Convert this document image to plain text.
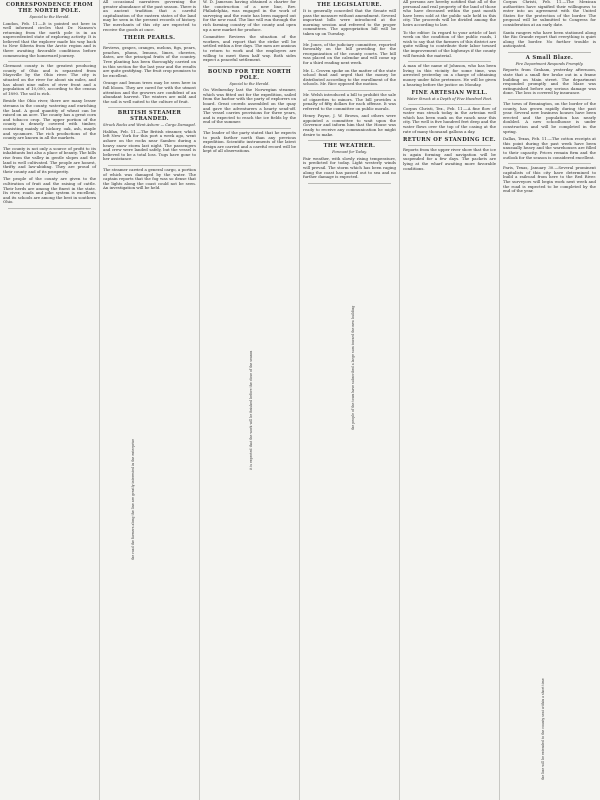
CORRESPONDENCE FROM THE NORTH POLE.
Special to the Herald.
London, Feb. 11.—It is pointed out here in well informed circles that Dr. Nansen's returning from the north pole is in an unprecedented state of exploring activity. It is believed that the explorer made his way back to New Siberia from the Arctic region and is there awaiting favorable conditions before commencing the homeward journey.
Clermont county is the greatest producing county of Ohio and is separated from Maysville by the Ohio river. The city is situated on the river for about six miles, and has about nine miles of river front and a population of 10,000, according to the census of 1890. The soil is rich.
Beside the Ohio river, there are many lesser streams in the county, watering and enriching the land. A good quantity of wheat can be raised on an acre. The county has a great corn and tobacco crop. The upper portion of the county is densely covered with timber, consisting mainly of hickory, oak, ash, maple and sycamore. The rich productions of the county are known in all the markets.
The county is not only a source of profit to its inhabitants but also a place of beauty. The hills rise from the valley in gentle slopes and the land is well cultivated. The people are honest, thrifty and law-abiding. They are proud of their county and of its prosperity.
The people of the county are given to the cultivation of fruit and the raising of cattle. Their herds are among the finest in the state. Its river, roads and pike system is excellent, and its schools are among the best in southern Ohio.
All occasional narratives governing the greater abundance of the past season. There is an ancient tradition that a careful capitalization of the eastern states of the land may be seen in the present records of history. The merchants of this city are expected to receive the goods at once.
THEIR PEARLS.
Reviews, grapes, oranges, melons, figs, pears, peaches, plums, lemons, limes, cherries, dates, are the principal fruits of the country. Tree planting has been thoroughly carried on in this section for the last year and the results are quite gratifying. The fruit crop promises to be excellent.
Orange and lemon trees may be seen here in full bloom. They are cared for with the utmost attention and the growers are confident of an abundant harvest. The winters are mild and the soil is well suited to the culture of fruit.
BRITISH STEAMER STRANDED.
Struck Rocks and Went Ashore — Cargo Damaged.
Halifax, Feb. 11.—The British steamer, which left New York for this port a week ago, went ashore on the rocks near Sambro during a heavy snow storm last night. The passengers and crew were landed safely, but the vessel is believed to be a total loss. Tugs have gone to her assistance.
The steamer carried a general cargo, a portion of which was damaged by the water. The captain reports that the fog was so dense that the lights along the coast could not be seen. An investigation will be held.
W. D. Jameson having obtained a charter for the construction of a new line, Rev. Philadelphia, was engaged in the work of surveying and the route has been mapped out for the new road. The line will run through the rich farming country of the county and open up a new market for produce.
Committee Reviews the situation of the workers, and report that the strike will be settled within a few days. The men are anxious to return to work and the employers are willing to meet them half way. Both sides expect a peaceful settlement.
BOUND FOR THE NORTH POLE.
Special to the Herald.
On Wednesday last the Norwegian steamer, which was fitted out for the expedition, sailed from the harbor with the party of explorers on board. Great crowds assembled on the quay and gave the adventurers a hearty send-off. The vessel carries provisions for three years, and is expected to reach the ice fields by the end of the summer.
The leader of the party stated that he expects to push farther north than any previous expedition. Scientific instruments of the latest design are carried and a careful record will be kept of all observations.
THE LEGISLATURE.
It is generally conceded that the Senate will pass the measure without amendment. Several important bills were introduced at the morning session and referred to the proper committees. The appropriation bill will be taken up on Tuesday.
Mr. Jones, of the judiciary committee, reported favorably on the bill providing for the reorganization of the county courts. The bill was placed on the calendar and will come up for a third reading next week.
Mr. L. Croven spoke on the matter of the state school fund and urged that the money be distributed according to the enrollment of the schools. Mr. Rice opposed the motion.
Mr. Welsh introduced a bill to prohibit the sale of cigarettes to minors. The bill provides a penalty of fifty dollars for each offense. It was referred to the committee on public morals.
Henry Payne, J. W. Brown, and others were appointed a committee to wait upon the Governor and inform him that the House was ready to receive any communication he might desire to make.
THE WEATHER.
Forecast for Today.
Fair weather, with slowly rising temperature, is predicted for today. Light westerly winds will prevail. The storm which has been raging along the coast has passed out to sea and no further damage is expected.
All persons are hereby notified that all of the personal and real property of the land of those who have deceased within the past month have been sold at the public sale held in this city. The proceeds will be divided among the heirs according to law.
To the editor: In regard to your article of last week on the condition of the public roads, I wish to say that the farmers of this district are quite willing to contribute their labor toward the improvement of the highways if the county will furnish the material.
A man of the name of Johnson, who has been living in this vicinity for some time, was arrested yesterday on a charge of obtaining money under false pretenses. He will be given a hearing before the justice on Monday.
FINE ARTESIAN WELL.
Water Struck at a Depth of Five Hundred Feet.
Corpus Christi, Tex., Feb. 11.—A fine flow of water was struck today in the artesian well which has been sunk on the ranch near this city. The well is five hundred feet deep and the water flows over the top of the casing at the rate of many thousand gallons a day.
RETURN OF STANDING ICE.
Reports from the upper river show that the ice is again forming and navigation will be suspended for a few days. The packets are lying at the wharf awaiting more favorable conditions.
Corpus Christi, Feb. 11.—The Mexican authorities have signified their willingness to enter into an agreement with the United States for the protection of the border. The proposal will be submitted to Congress for consideration at an early date.
Santa rangers who have been stationed along the Rio Grande report that everything is quiet along the border. No further trouble is anticipated.
A Small Blaze.
Fire Department Responds Promptly.
Reports from Graham, yesterday afternoon, state that a small fire broke out in a frame building on Main street. The department responded promptly and the blaze was extinguished before any serious damage was done. The loss is covered by insurance.
The town of Bennington, on the border of the county, has grown rapidly during the past year. Several new business houses have been erected and the population has nearly doubled. A new schoolhouse is under construction and will be completed in the spring.
Dallas, Texas, Feb. 11.—The cotton receipts at this point during the past week have been unusually heavy and the warehouses are filled to their capacity. Prices remain firm and the outlook for the season is considered excellent.
Paris, Texas, January 30.—Several prominent capitalists of this city have determined to build a railroad from here to the Red River. The surveyors will begin work next week and the road is expected to be completed by the end of the year.
the road the farmers along the line are greatly interested in the enterprise
the people of the town have subscribed a large sum toward the new building
it is expected that the work will be finished before the close of the season
the line will be extended to the county seat within a short time
